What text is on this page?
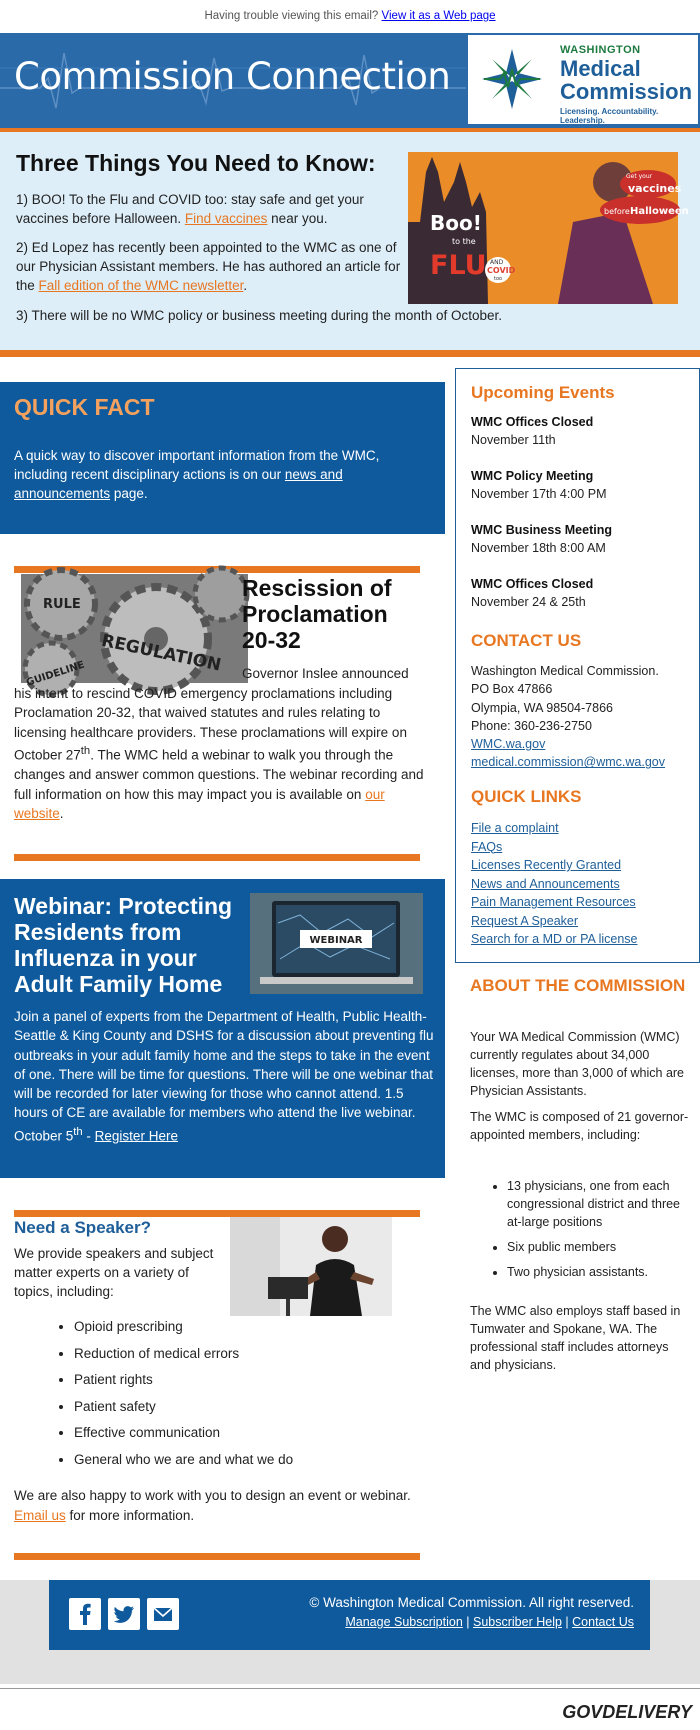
Having trouble viewing this email? View it as a Web page
Commission Connection
WASHINGTON
Medical
Commission
Licensing. Accountability. Leadership.
Three Things You Need to Know:

1) BOO! To the Flu and COVID too: stay safe and get your vaccines before Halloween. Find vaccines near you.

2) Ed Lopez has recently been appointed to the WMC as one of our Physician Assistant members. He has authored an article for the Fall edition of the WMC newsletter.

3) There will be no WMC policy or business meeting during the month of October.

Boo!
to the
FLU AND
COVID
too
Get your
vaccines
before Halloween
QUICK FACT

A quick way to discover important information from the WMC, including recent disciplinary actions is on our news and announcements page.

RULE
REGULATION
GUIDELINE
Rescission of
Proclamation
20-32
Governor Inslee announced
his intent to rescind COVID emergency proclamations including Proclamation 20-32, that waived statutes and rules relating to licensing healthcare providers. These proclamations will expire on October 27th. The WMC held a webinar to walk you through the changes and answer common questions. The webinar recording and full information on how this may impact you is available on our website.
Webinar: Protecting Residents from Influenza in your Adult Family Home
WEBINAR

Join a panel of experts from the Department of Health, Public Health-Seattle & King County and DSHS for a discussion about preventing flu outbreaks in your adult family home and the steps to take in the event of one. There will be time for questions. There will be one webinar that will be recorded for later viewing for those who cannot attend. 1.5 hours of CE are available for members who attend the live webinar. October 5th - Register Here

Need a Speaker?
We provide speakers and subject matter experts on a variety of topics, including:
• Opioid prescribing
• Reduction of medical errors
• Patient rights
• Patient safety
• Effective communication
• General who we are and what we do
We are also happy to work with you to design an event or webinar.
Email us for more information.
Upcoming Events
WMC Offices Closed
November 11th
WMC Policy Meeting
November 17th 4:00 PM
WMC Business Meeting
November 18th 8:00 AM
WMC Offices Closed
November 24 & 25th
CONTACT US
Washington Medical Commission.
PO Box 47866
Olympia, WA 98504-7866
Phone: 360-236-2750
WMC.wa.gov
medical.commission@wmc.wa.gov
QUICK LINKS
File a complaint
FAQs
Licenses Recently Granted
News and Announcements
Pain Management Resources
Request A Speaker
Search for a MD or PA license
ABOUT THE COMMISSION
Your WA Medical Commission (WMC) currently regulates about 34,000 licenses, more than 3,000 of which are Physician Assistants.
The WMC is composed of 21 governor-appointed members, including:
• 13 physicians, one from each congressional district and three at-large positions
• Six public members
• Two physician assistants.
The WMC also employs staff based in Tumwater and Spokane, WA. The professional staff includes attorneys and physicians.
© Washington Medical Commission. All right reserved.
Manage Subscription | Subscriber Help | Contact Us
GOVDELIVERY
